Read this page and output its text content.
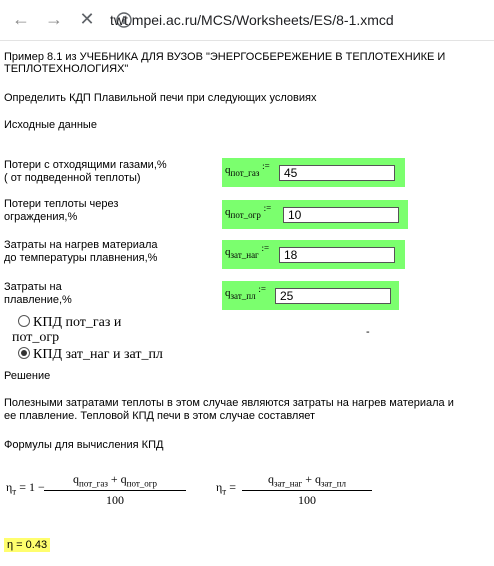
← → ✕ twt.mpei.ac.ru/MCS/Worksheets/ES/8-1.xmcd
Пример 8.1 из УЧЕБНИКА ДЛЯ ВУЗОВ "ЭНЕРГОСБЕРЕЖЕНИЕ В ТЕПЛОТЕХНИКЕ И
ТЕПЛОТЕХНОЛОГИЯХ"
Определить КДП Плавильной печи при следующих условиях
Исходные данные
Потери с отходящими газами,%
( от подведенной теплоты)
$q_{пот\_газ}$ :=
45
Потери теплоты через
ограждения,%	$q_{пот\_огр}$ :=
10
Затраты на нагрев материала
до температуры плавнения,%	$q_{зат\_наг}$ :=
18
Затраты на
плавление,%
$q_{зат\_пл}$ :=
25
КПД пот_газ и
пот_огр
КПД зат_наг и зат_пл
-
Решение
Полезными затратами теплоты в этом случае являются затраты на нагрев материала и
ее плавление. Тепловой КПД печи в этом случае составляет
Формулы для вычисления КПД
$\eta_т = 1$ −
$q_{пот\_газ} + q_{пот\_огр}$
100
$\eta_т$ =
$q_{зат\_наг} + q_{зат\_пл}$
100
η = 0.43
